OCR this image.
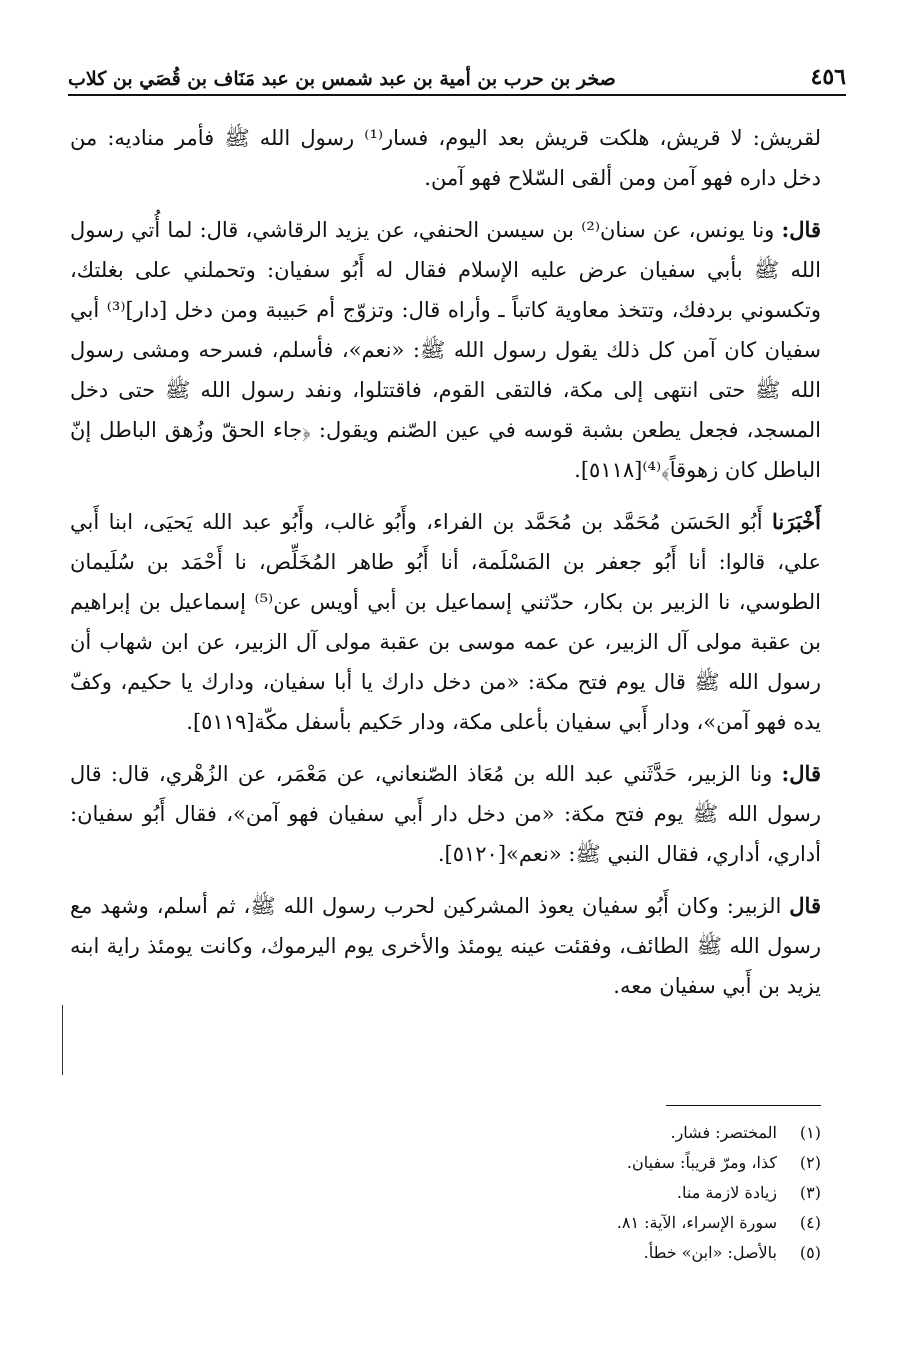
٤٥٦
صخر بن حرب بن أمية بن عبد شمس بن عبد مَنَاف بن قُصَي بن كلاب

لقريش: لا قريش، هلكت قريش بعد اليوم، فسار⁽¹⁾ رسول الله ﷺ فأمر مناديه: من دخل داره فهو آمن ومن ألقى السّلاح فهو آمن.

قال: ونا يونس، عن سنان⁽²⁾ بن سيسن الحنفي، عن يزيد الرقاشي، قال: لما أُتي رسول الله ﷺ بأبي سفيان عرض عليه الإسلام فقال له أَبُو سفيان: وتحملني على بغلتك، وتكسوني بردفك، وتتخذ معاوية كاتباً ـ وأراه قال: وتزوّج أم حَبيبة ومن دخل [دار]⁽³⁾ أبي سفيان كان آمن كل ذلك يقول رسول الله ﷺ: «نعم»، فأسلم، فسرحه ومشى رسول الله ﷺ حتى انتهى إلى مكة، فالتقى القوم، فاقتتلوا، ونفد رسول الله ﷺ حتى دخل المسجد، فجعل يطعن بشبة قوسه في عين الصّنم ويقول: ﴿جاء الحقّ وزُهق الباطل إنّ الباطل كان زهوقاً﴾⁽⁴⁾[٥١١٨].

أَخْبَرَنا أَبُو الحَسَن مُحَمَّد بن مُحَمَّد بن الفراء، وأَبُو غالب، وأَبُو عبد الله يَحيَى، ابنا أَبي علي، قالوا: أنا أَبُو جعفر بن المَسْلَمة، أنا أَبُو طاهر المُخَلِّص، نا أَحْمَد بن سُلَيمان الطوسي، نا الزبير بن بكار، حدّثني إسماعيل بن أبي أويس عن⁽⁵⁾ إسماعيل بن إبراهيم بن عقبة مولى آل الزبير، عن عمه موسى بن عقبة مولى آل الزبير، عن ابن شهاب أن رسول الله ﷺ قال يوم فتح مكة: «من دخل دارك يا أبا سفيان، ودارك يا حكيم، وكفّ يده فهو آمن»، ودار أَبي سفيان بأعلى مكة، ودار حَكيم بأسفل مكّة[٥١١٩].

قال: ونا الزبير، حَدَّثَني عبد الله بن مُعَاذ الصّنعاني، عن مَعْمَر، عن الزُهْري، قال: قال رسول الله ﷺ يوم فتح مكة: «من دخل دار أَبي سفيان فهو آمن»، فقال أَبُو سفيان: أداري، أداري، فقال النبي ﷺ: «نعم»[٥١٢٠].

قال الزبير: وكان أَبُو سفيان يعوذ المشركين لحرب رسول الله ﷺ، ثم أسلم، وشهد مع رسول الله ﷺ الطائف، وفقئت عينه يومئذ والأخرى يوم اليرموك، وكانت يومئذ راية ابنه يزيد بن أَبي سفيان معه.

(١)
المختصر: فشار.
(٢)
كذا، ومرّ قريباً: سفيان.
(٣)
زيادة لازمة منا.
(٤)
سورة الإسراء، الآية: ٨١.
(٥)
بالأصل: «ابن» خطأ.
